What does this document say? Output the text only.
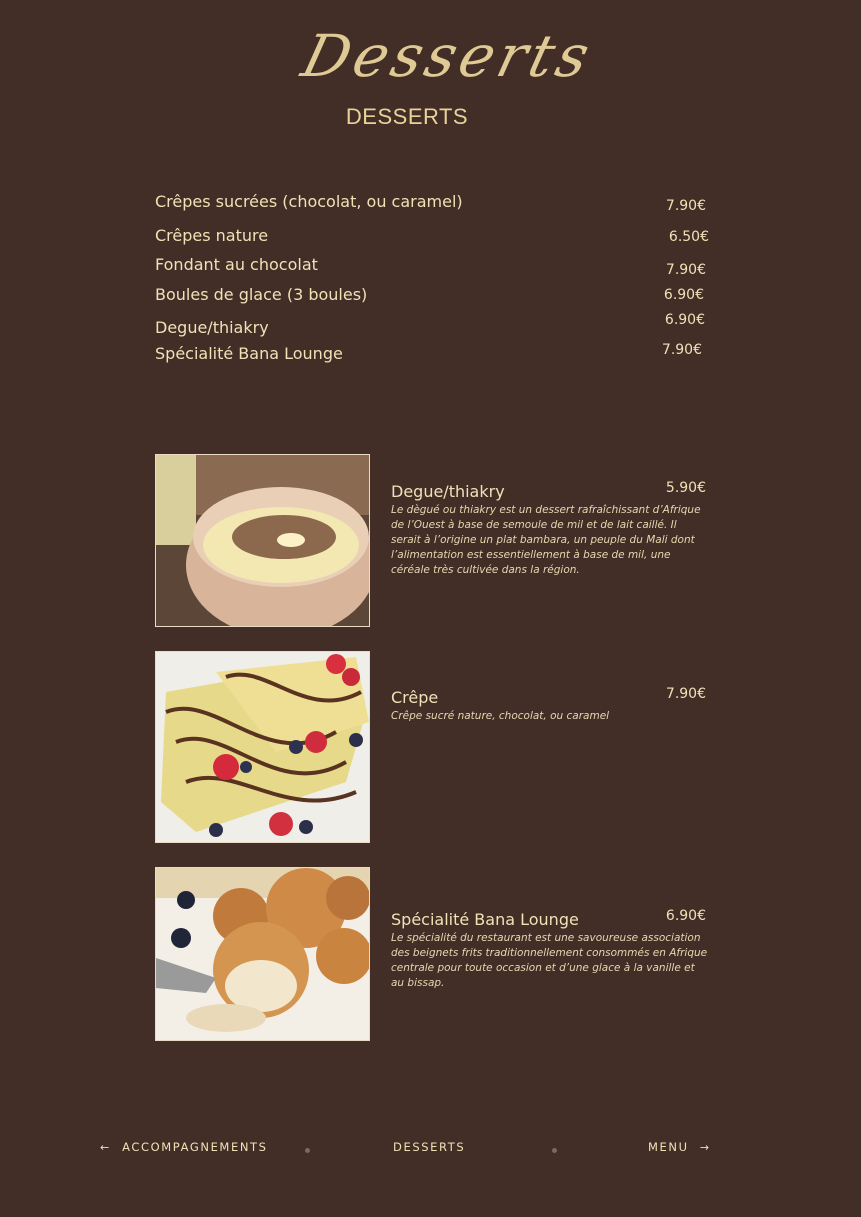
Desserts
DESSERTS
Crêpes sucrées (chocolat, ou caramel)	7.90€
Crêpes nature	6.50€
Fondant au chocolat	7.90€
Boules de glace (3 boules)	6.90€
Degue/thiakry	6.90€
Spécialité Bana Lounge	7.90€
Degue/thiakry	5.90€
Le dègué ou thiakry est un dessert rafraîchissant d’Afrique de l’Ouest à base de semoule de mil et de lait caillé. Il serait à l’origine un plat bambara, un peuple du Mali dont l’alimentation est essentiellement à base de mil, une céréale très cultivée dans la région.
Crêpe	7.90€
Crêpe sucré nature, chocolat, ou caramel
Spécialité Bana Lounge	6.90€
Le spécialité du restaurant est une savoureuse association des beignets frits traditionnellement consommés en Afrique centrale pour toute occasion et d’une glace à la vanille et au bissap.
← ACCOMPAGNEMENTS	DESSERTS	MENU →
